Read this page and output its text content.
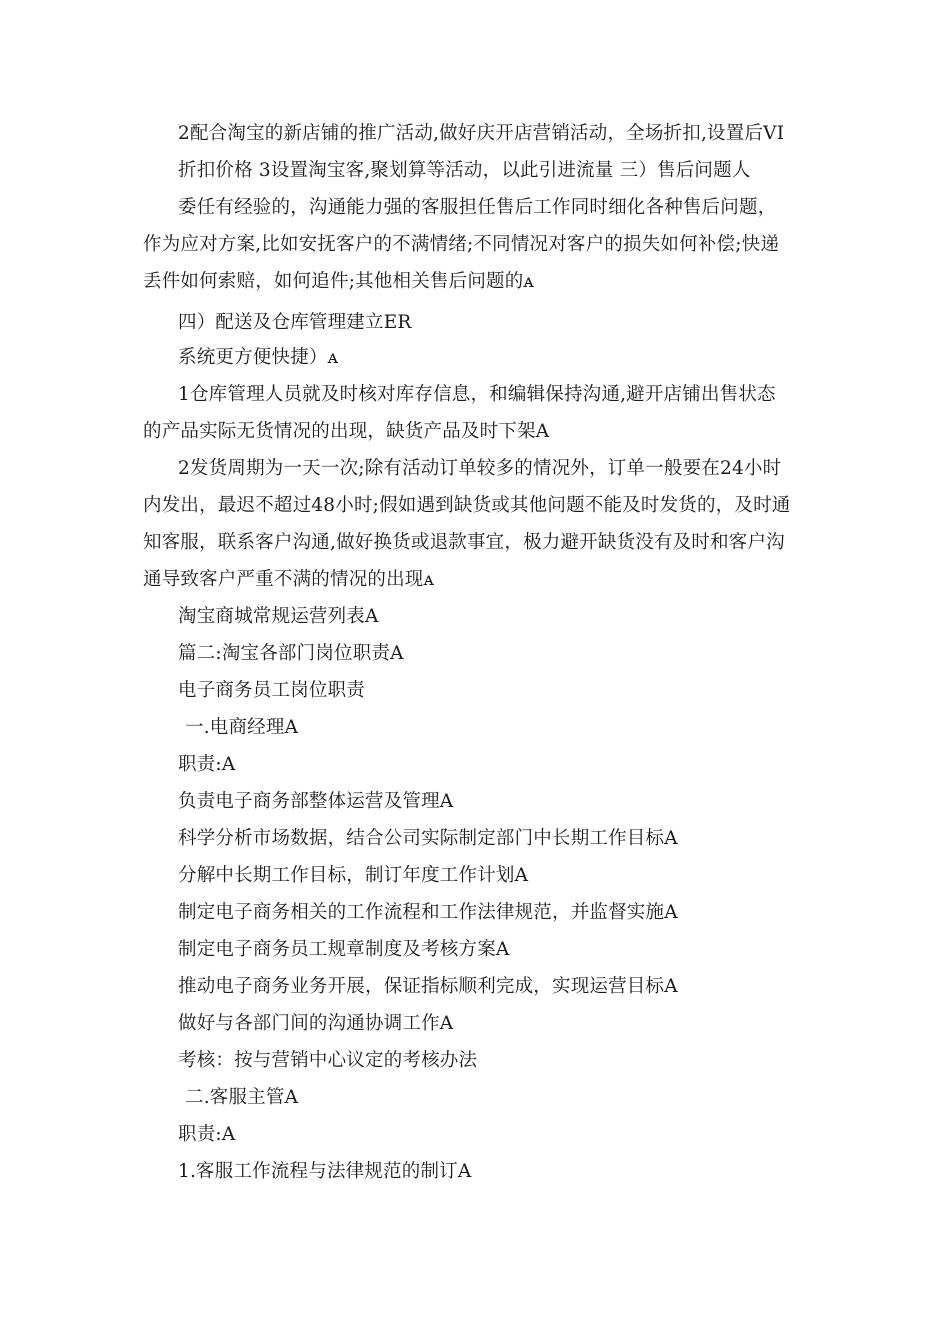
2配合淘宝的新店铺的推广活动,做好庆开店营销活动，全场折扣,设置后VI
折扣价格 3设置淘宝客,聚划算等活动，以此引进流量 三）售后问题人
委任有经验的，沟通能力强的客服担任售后工作同时细化各种售后问题，
作为应对方案,比如安抚客户的不满情绪;不同情况对客户的损失如何补偿;快递
丢件如何索赔，如何追件;其他相关售后问题的ᴀ
四）配送及仓库管理建立ER
系统更方便快捷）ᴀ
1仓库管理人员就及时核对库存信息，和编辑保持沟通,避开店铺出售状态
的产品实际无货情况的出现，缺货产品及时下架A
2发货周期为一天一次;除有活动订单较多的情况外，订单一般要在24小时
内发出，最迟不超过48小时;假如遇到缺货或其他问题不能及时发货的，及时通
知客服，联系客户沟通,做好换货或退款事宜，极力避开缺货没有及时和客户沟
通导致客户严重不满的情况的出现ᴀ
淘宝商城常规运营列表A
篇二:淘宝各部门岗位职责A
电子商务员工岗位职责
一.电商经理A
职责:A
负责电子商务部整体运营及管理A
科学分析市场数据，结合公司实际制定部门中长期工作目标A
分解中长期工作目标，制订年度工作计划A
制定电子商务相关的工作流程和工作法律规范，并监督实施A
制定电子商务员工规章制度及考核方案A
推动电子商务业务开展，保证指标顺利完成，实现运营目标A
做好与各部门间的沟通协调工作A
考核：按与营销中心议定的考核办法
二.客服主管A
职责:A
1.客服工作流程与法律规范的制订A
